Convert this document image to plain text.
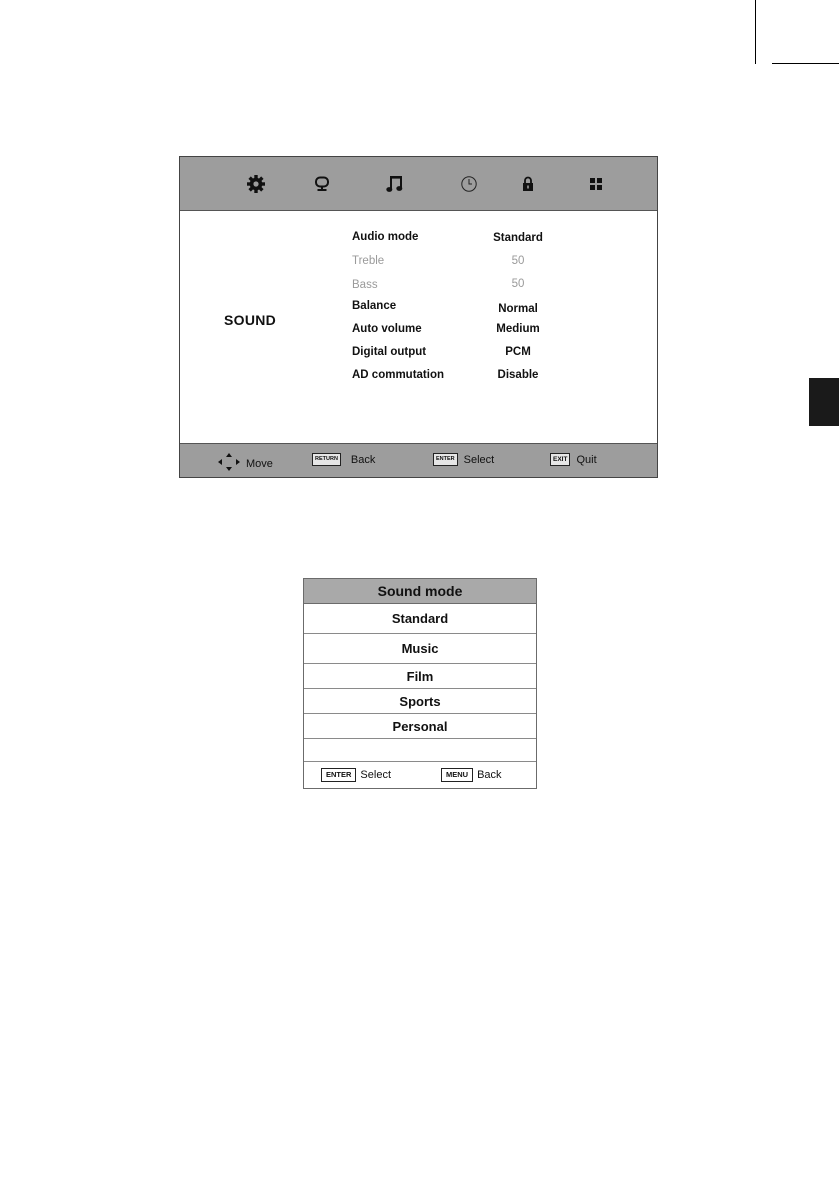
SOUND
Audio mode	Standard
Treble	50
Bass	50
Balance	Normal
Auto volume	Medium
Digital output	PCM
AD commutation	Disable
Move	RETURN Back	ENTER Select	EXIT Quit
Sound mode
Standard
Music
Film
Sports
Personal
ENTER Select	MENU Back
